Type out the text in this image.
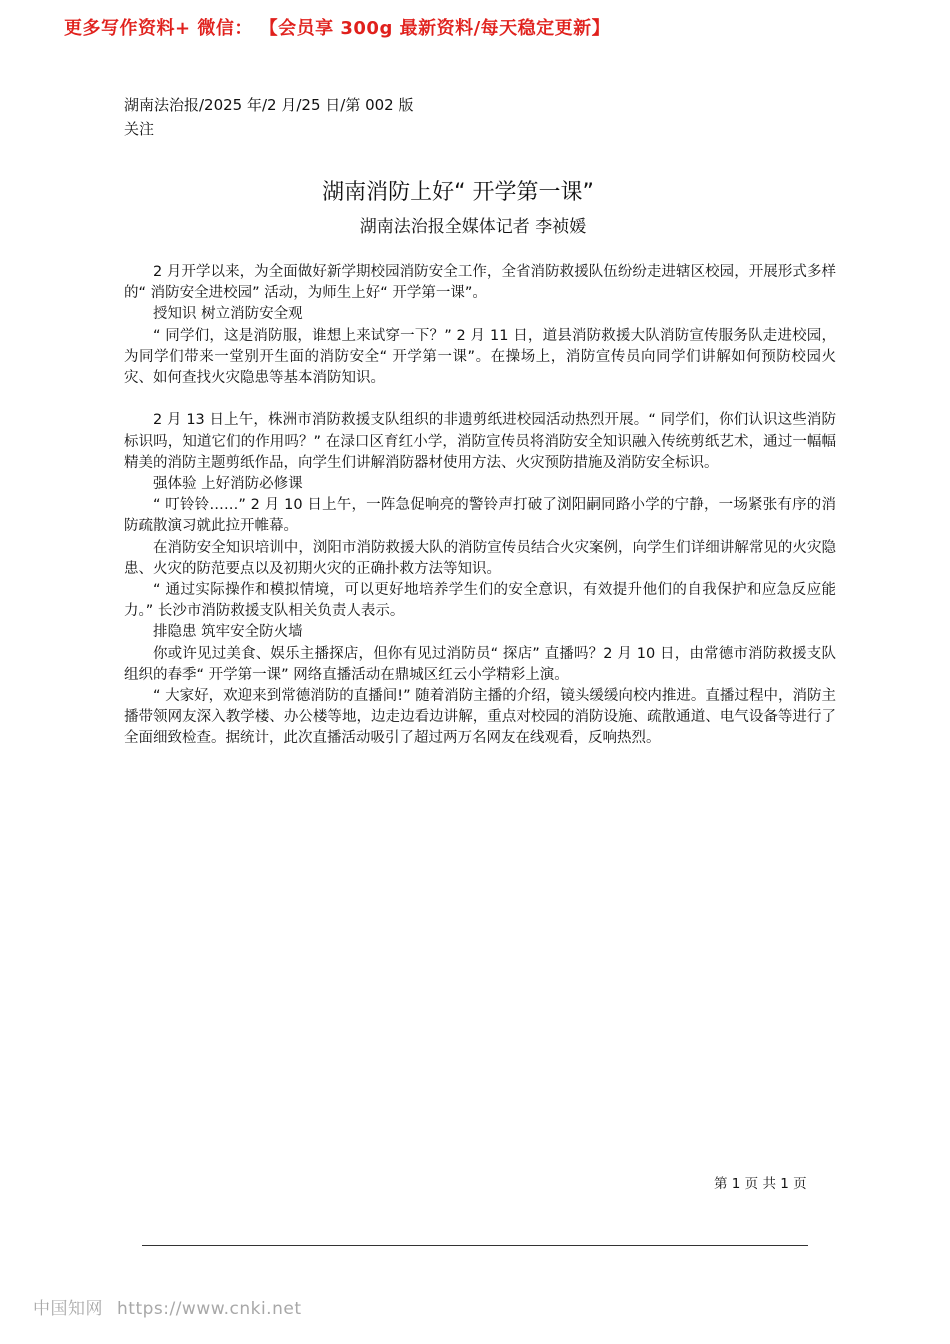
更多写作资料+ 微信： 【会员享 300g 最新资料/每天稳定更新】
湖南法治报/2025 年/2 月/25 日/第 002 版关注
湖南消防上好“ 开学第一课”
湖南法治报全媒体记者 李祯媛

2 月开学以来，为全面做好新学期校园消防安全工作，全省消防救援队伍纷纷走进辖区校园，开展形式多样的“ 消防安全进校园” 活动，为师生上好“ 开学第一课”。

授知识 树立消防安全观

“ 同学们，这是消防服，谁想上来试穿一下？” 2 月 11 日，道县消防救援大队消防宣传服务队走进校园，为同学们带来一堂别开生面的消防安全“ 开学第一课”。在操场上，消防宣传员向同学们讲解如何预防校园火灾、如何查找火灾隐患等基本消防知识。

2 月 13 日上午，株洲市消防救援支队组织的非遗剪纸进校园活动热烈开展。“ 同学们，你们认识这些消防标识吗，知道它们的作用吗？” 在渌口区育红小学，消防宣传员将消防安全知识融入传统剪纸艺术，通过一幅幅精美的消防主题剪纸作品，向学生们讲解消防器材使用方法、火灾预防措施及消防安全标识。

强体验 上好消防必修课

“ 叮铃铃……” 2 月 10 日上午，一阵急促响亮的警铃声打破了浏阳嗣同路小学的宁静，一场紧张有序的消防疏散演习就此拉开帷幕。

在消防安全知识培训中，浏阳市消防救援大队的消防宣传员结合火灾案例，向学生们详细讲解常见的火灾隐患、火灾的防范要点以及初期火灾的正确扑救方法等知识。

“ 通过实际操作和模拟情境，可以更好地培养学生们的安全意识，有效提升他们的自我保护和应急反应能力。” 长沙市消防救援支队相关负责人表示。

排隐患 筑牢安全防火墙

你或许见过美食、娱乐主播探店，但你有见过消防员“ 探店” 直播吗？2 月 10 日，由常德市消防救援支队组织的春季“ 开学第一课” 网络直播活动在鼎城区红云小学精彩上演。

“ 大家好，欢迎来到常德消防的直播间!” 随着消防主播的介绍，镜头缓缓向校内推进。直播过程中，消防主播带领网友深入教学楼、办公楼等地，边走边看边讲解，重点对校园的消防设施、疏散通道、电气设备等进行了全面细致检查。据统计，此次直播活动吸引了超过两万名网友在线观看，反响热烈。

第 1 页 共 1 页
中国知网 https://www.cnki.net
